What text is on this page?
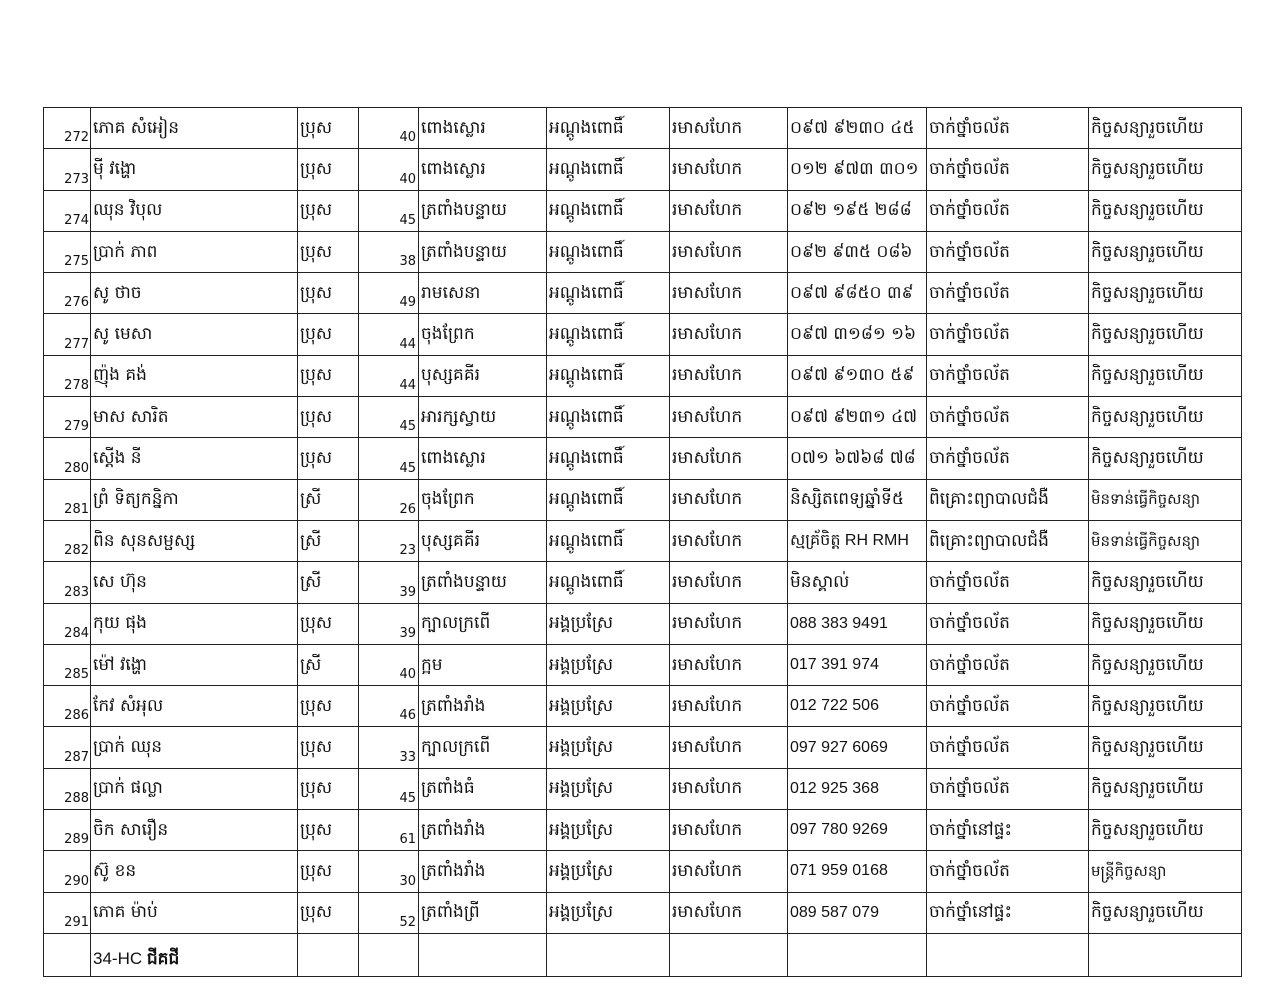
272	ភោគ សំអៀន	ប្រុស	40	ពោងស្លោរ	អណ្ដូងពោធិ៍	រមាសហែក	០៩៧ ៩២៣០ ៤៥	ចាក់ថ្នាំចល័ត	កិច្ចសន្យារួចហើយ
273	ម៉ី វង្ហោ	ប្រុស	40	ពោងស្លោរ	អណ្ដូងពោធិ៍	រមាសហែក	០១២ ៩៧៣ ៣០១	ចាក់ថ្នាំចល័ត	កិច្ចសន្យារួចហើយ
274	ឈុន វិបុល	ប្រុស	45	ត្រពាំងបន្ទាយ	អណ្ដូងពោធិ៍	រមាសហែក	០៩២ ១៩៥ ២៨៨	ចាក់ថ្នាំចល័ត	កិច្ចសន្យារួចហើយ
275	ប្រាក់ ភាព	ប្រុស	38	ត្រពាំងបន្ទាយ	អណ្ដូងពោធិ៍	រមាសហែក	០៩២ ៩៣៥ ០៨៦	ចាក់ថ្នាំចល័ត	កិច្ចសន្យារួចហើយ
276	សូ ថាច	ប្រុស	49	រាមសេនា	អណ្ដូងពោធិ៍	រមាសហែក	០៩៧ ៩៨៥០ ៣៩	ចាក់ថ្នាំចល័ត	កិច្ចសន្យារួចហើយ
277	សូ មេសា	ប្រុស	44	ចុងព្រែក	អណ្ដូងពោធិ៍	រមាសហែក	០៩៧ ៣១៨១ ១៦	ចាក់ថ្នាំចល័ត	កិច្ចសន្យារួចហើយ
278	ញ៉ុង គង់	ប្រុស	44	បុស្សគគីរ	អណ្ដូងពោធិ៍	រមាសហែក	០៩៧ ៩១៣០ ៥៩	ចាក់ថ្នាំចល័ត	កិច្ចសន្យារួចហើយ
279	មាស សារិត	ប្រុស	45	អារក្សស្វាយ	អណ្ដូងពោធិ៍	រមាសហែក	០៩៧ ៩២៣១ ៤៧	ចាក់ថ្នាំចល័ត	កិច្ចសន្យារួចហើយ
280	ស្តើង នី	ប្រុស	45	ពោងស្លោរ	អណ្ដូងពោធិ៍	រមាសហែក	០៧១ ៦៧៦៨ ៧៨	ចាក់ថ្នាំចល័ត	កិច្ចសន្យារួចហើយ
281	ព្រំ ទិត្យកន្និកា	ស្រី	26	ចុងព្រែក	អណ្ដូងពោធិ៍	រមាសហែក	និស្សិតពេទ្យឆ្នាំទី៥	ពិគ្រោះព្យាបាលជំងឺ	មិនទាន់ធ្វើកិច្ចសន្យា
282	ពិន សុនសម្ផស្ស	ស្រី	23	បុស្សគគីរ	អណ្ដូងពោធិ៍	រមាសហែក	ស្មគ្រ័ចិត្ត RH RMH	ពិគ្រោះព្យាបាលជំងឺ	មិនទាន់ធ្វើកិច្ចសន្យា
283	សេ ហ៊ុន	ស្រី	39	ត្រពាំងបន្ទាយ	អណ្ដូងពោធិ៍	រមាសហែក	មិនស្គាល់	ចាក់ថ្នាំចល័ត	កិច្ចសន្យារួចហើយ
284	កុយ ផុង	ប្រុស	39	ក្បាលក្រពើ	អង្គប្រស្រែ	រមាសហែក	088 383 9491	ចាក់ថ្នាំចល័ត	កិច្ចសន្យារួចហើយ
285	ម៉ៅ វង្ហោ	ស្រី	40	ក្អម	អង្គប្រស្រែ	រមាសហែក	017 391 974	ចាក់ថ្នាំចល័ត	កិច្ចសន្យារួចហើយ
286	កែវ សំអុល	ប្រុស	46	ត្រពាំងរាំង	អង្គប្រស្រែ	រមាសហែក	012 722 506	ចាក់ថ្នាំចល័ត	កិច្ចសន្យារួចហើយ
287	ប្រាក់ ឈុន	ប្រុស	33	ក្បាលក្រពើ	អង្គប្រស្រែ	រមាសហែក	097 927 6069	ចាក់ថ្នាំចល័ត	កិច្ចសន្យារួចហើយ
288	ប្រាក់ ផល្លា	ប្រុស	45	ត្រពាំងធំ	អង្គប្រស្រែ	រមាសហែក	012 925 368	ចាក់ថ្នាំចល័ត	កិច្ចសន្យារួចហើយ
289	ចិក សារឿន	ប្រុស	61	ត្រពាំងរាំង	អង្គប្រស្រែ	រមាសហែក	097 780 9269	ចាក់ថ្នាំនៅផ្ទះ	កិច្ចសន្យារួចហើយ
290	ស៊ូ ខន	ប្រុស	30	ត្រពាំងរាំង	អង្គប្រស្រែ	រមាសហែក	071 959 0168	ចាក់ថ្នាំចល័ត	មន្ត្រីកិច្ចសន្យា
291	ភោគ ម៉ាប់	ប្រុស	52	ត្រពាំងព្រី	អង្គប្រស្រែ	រមាសហែក	089 587 079	ចាក់ថ្នាំនៅផ្ទះ	កិច្ចសន្យារួចហើយ
	34-HC ជីគជី								
